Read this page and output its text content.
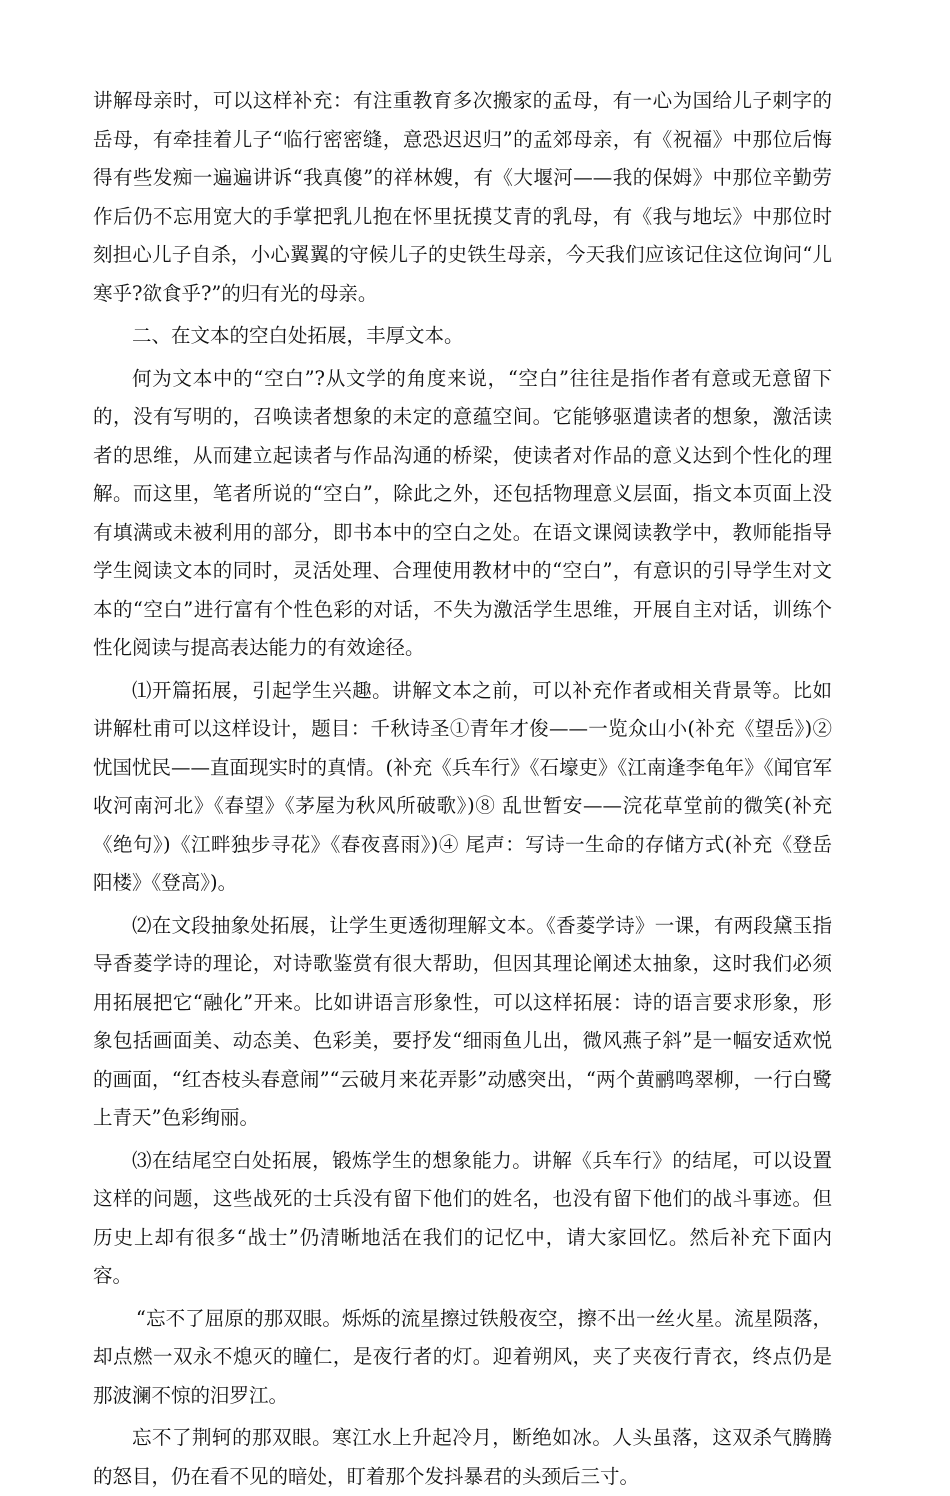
讲解母亲时，可以这样补充：有注重教育多次搬家的孟母，有一心为国给儿子刺字的岳母，有牵挂着儿子“临行密密缝，意恐迟迟归”的孟郊母亲，有《祝福》中那位后悔得有些发痴一遍遍讲诉“我真傻”的祥林嫂，有《大堰河——我的保姆》中那位辛勤劳作后仍不忘用宽大的手掌把乳儿抱在怀里抚摸艾青的乳母，有《我与地坛》中那位时刻担心儿子自杀，小心翼翼的守候儿子的史铁生母亲，今天我们应该记住这位询问“儿寒乎?欲食乎?”的归有光的母亲。

二、在文本的空白处拓展，丰厚文本。

何为文本中的“空白”?从文学的角度来说，“空白”往往是指作者有意或无意留下的，没有写明的，召唤读者想象的未定的意蕴空间。它能够驱遣读者的想象，激活读者的思维，从而建立起读者与作品沟通的桥梁，使读者对作品的意义达到个性化的理解。而这里，笔者所说的“空白”，除此之外，还包括物理意义层面，指文本页面上没有填满或未被利用的部分，即书本中的空白之处。在语文课阅读教学中，教师能指导学生阅读文本的同时，灵活处理、合理使用教材中的“空白”，有意识的引导学生对文本的“空白”进行富有个性色彩的对话，不失为激活学生思维，开展自主对话，训练个性化阅读与提高表达能力的有效途径。

⑴开篇拓展，引起学生兴趣。讲解文本之前，可以补充作者或相关背景等。比如讲解杜甫可以这样设计，题目：千秋诗圣①青年才俊——一览众山小(补充《望岳》)② 忧国忧民——直面现实时的真情。(补充《兵车行》《石壕吏》《江南逢李龟年》《闻官军收河南河北》《春望》《茅屋为秋风所破歌》)⑧ 乱世暂安——浣花草堂前的微笑(补充《绝句》)《江畔独步寻花》《春夜喜雨》)④ 尾声：写诗一生命的存储方式(补充《登岳阳楼》《登高》)。

⑵在文段抽象处拓展，让学生更透彻理解文本。《香菱学诗》一课，有两段黛玉指导香菱学诗的理论，对诗歌鉴赏有很大帮助，但因其理论阐述太抽象，这时我们必须用拓展把它“融化”开来。比如讲语言形象性，可以这样拓展：诗的语言要求形象，形象包括画面美、动态美、色彩美，要抒发“细雨鱼儿出，微风燕子斜”是一幅安适欢悦的画面，“红杏枝头春意闹”“云破月来花弄影”动感突出，“两个黄鹂鸣翠柳，一行白鹭上青天”色彩绚丽。

⑶在结尾空白处拓展，锻炼学生的想象能力。讲解《兵车行》的结尾，可以设置这样的问题，这些战死的士兵没有留下他们的姓名，也没有留下他们的战斗事迹。但历史上却有很多“战士”仍清晰地活在我们的记忆中，请大家回忆。然后补充下面内容。

“忘不了屈原的那双眼。烁烁的流星擦过铁般夜空，擦不出一丝火星。流星陨落，却点燃一双永不熄灭的瞳仁，是夜行者的灯。迎着朔风，夹了夹夜行青衣，终点仍是那波澜不惊的汨罗江。

忘不了荆轲的那双眼。寒江水上升起冷月，断绝如冰。人头虽落，这双杀气腾腾的怒目，仍在看不见的暗处，盯着那个发抖暴君的头颈后三寸。
